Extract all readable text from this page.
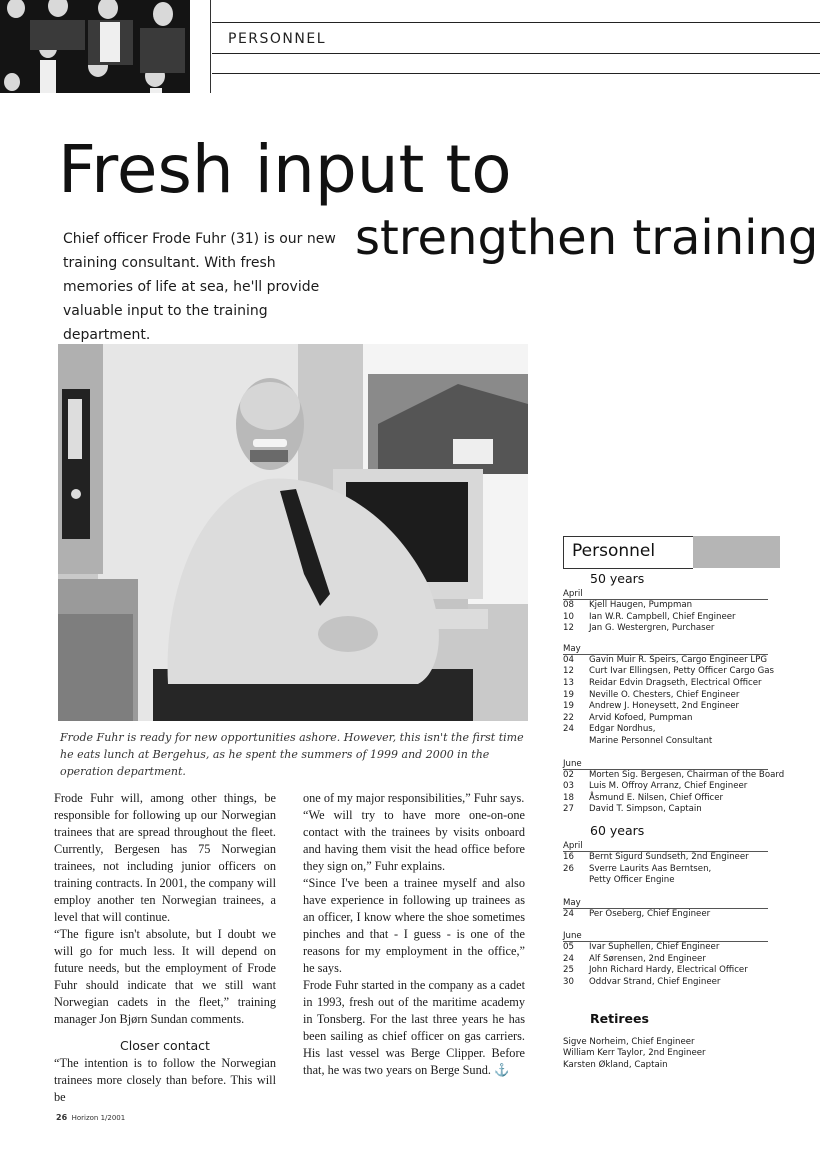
PERSONNEL
Fresh input to
strengthen training
Chief officer Frode Fuhr (31) is our new training consultant. With fresh memories of life at sea, he'll provide valuable input to the training department.
Frode Fuhr is ready for new opportunities ashore. However, this isn't the first time he eats lunch at Bergehus, as he spent the summers of 1999 and 2000 in the operation department.

Frode Fuhr will, among other things, be responsible for following up our Norwegian trainees that are spread throughout the fleet. Currently, Bergesen has 75 Norwegian trainees, not including junior officers on training contracts. In 2001, the company will employ another ten Norwegian trainees, a level that will continue.

“The figure isn't absolute, but I doubt we will go for much less. It will depend on future needs, but the employment of Frode Fuhr should indicate that we still want Norwegian cadets in the fleet,” training manager Jon Bjørn Sundan comments.

Closer contact

“The intention is to follow the Norwegian trainees more closely than before. This will be

one of my major responsibilities,” Fuhr says.

“We will try to have more one-on-one contact with the trainees by visits onboard and having them visit the head office before they sign on,” Fuhr explains.

“Since I've been a trainee myself and also have experience in following up trainees as an officer, I know where the shoe sometimes pinches and that - I guess - is one of the reasons for my employment in the office,” he says.

Frode Fuhr started in the company as a cadet in 1993, fresh out of the maritime academy in Tonsberg. For the last three years he has been sailing as chief officer on gas carriers. His last vessel was Berge Clipper. Before that, he was two years on Berge Sund. ⚓

26 Horizon 1/2001
Personnel
50 years
April
08 Kjell Haugen, Pumpman
10 Ian W.R. Campbell, Chief Engineer
12 Jan G. Westergren, Purchaser
May
04 Gavin Muir R. Speirs, Cargo Engineer LPG
12 Curt Ivar Ellingsen, Petty Officer Cargo Gas
13 Reidar Edvin Dragseth, Electrical Officer
19 Neville O. Chesters, Chief Engineer
19 Andrew J. Honeysett, 2nd Engineer
22 Arvid Kofoed, Pumpman
24 Edgar Nordhus,
Marine Personnel Consultant
June
02 Morten Sig. Bergesen, Chairman of the Board
03 Luis M. Offroy Arranz, Chief Engineer
18 Åsmund E. Nilsen, Chief Officer
27 David T. Simpson, Captain
60 years
April
16 Bernt Sigurd Sundseth, 2nd Engineer
26 Sverre Laurits Aas Berntsen,
Petty Officer Engine
May
24 Per Oseberg, Chief Engineer
June
05 Ivar Suphellen, Chief Engineer
24 Alf Sørensen, 2nd Engineer
25 John Richard Hardy, Electrical Officer
30 Oddvar Strand, Chief Engineer
Retirees
Sigve Norheim, Chief Engineer
William Kerr Taylor, 2nd Engineer
Karsten Økland, Captain
